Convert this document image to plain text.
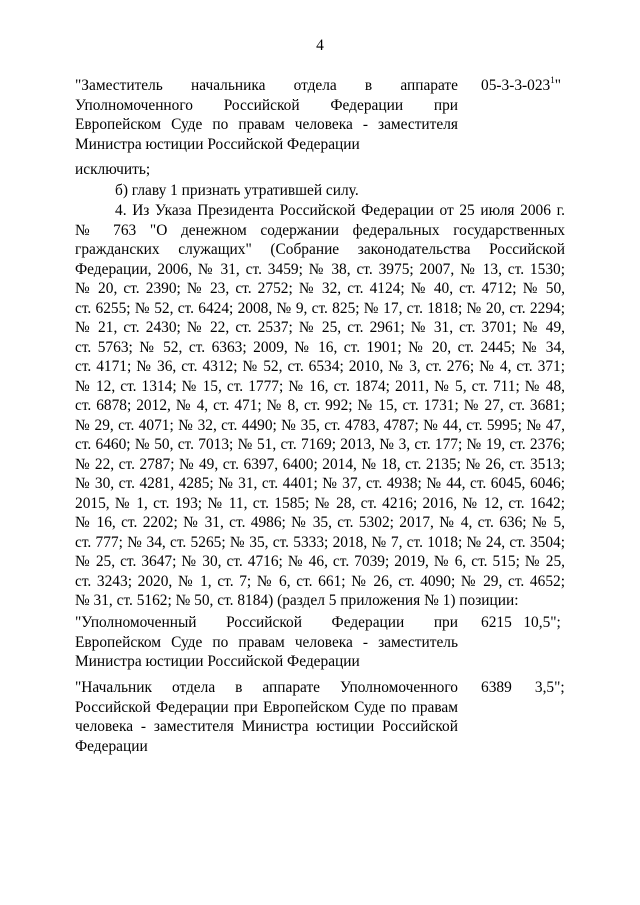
4
"Заместитель начальника отдела в аппарате
Уполномоченного Российской Федерации при
Европейском Суде по правам человека - заместителя
Министра юстиции Российской Федерации
$05-3-3-023^1$"
исключить;
б) главу 1 признать утратившей силу.
4. Из Указа Президента Российской Федерации от 25 июля 2006 г.
№ 763 "О денежном содержании федеральных государственных
гражданских служащих" (Собрание законодательства Российской
Федерации, 2006, № 31, ст. 3459; № 38, ст. 3975; 2007, № 13, ст. 1530;
№ 20, ст. 2390; № 23, ст. 2752; № 32, ст. 4124; № 40, ст. 4712; № 50,
ст. 6255; № 52, ст. 6424; 2008, № 9, ст. 825; № 17, ст. 1818; № 20, ст. 2294;
№ 21, ст. 2430; № 22, ст. 2537; № 25, ст. 2961; № 31, ст. 3701; № 49,
ст. 5763; № 52, ст. 6363; 2009, № 16, ст. 1901; № 20, ст. 2445; № 34,
ст. 4171; № 36, ст. 4312; № 52, ст. 6534; 2010, № 3, ст. 276; № 4, ст. 371;
№ 12, ст. 1314; № 15, ст. 1777; № 16, ст. 1874; 2011, № 5, ст. 711; № 48,
ст. 6878; 2012, № 4, ст. 471; № 8, ст. 992; № 15, ст. 1731; № 27, ст. 3681;
№ 29, ст. 4071; № 32, ст. 4490; № 35, ст. 4783, 4787; № 44, ст. 5995; № 47,
ст. 6460; № 50, ст. 7013; № 51, ст. 7169; 2013, № 3, ст. 177; № 19, ст. 2376;
№ 22, ст. 2787; № 49, ст. 6397, 6400; 2014, № 18, ст. 2135; № 26, ст. 3513;
№ 30, ст. 4281, 4285; № 31, ст. 4401; № 37, ст. 4938; № 44, ст. 6045, 6046;
2015, № 1, ст. 193; № 11, ст. 1585; № 28, ст. 4216; 2016, № 12, ст. 1642;
№ 16, ст. 2202; № 31, ст. 4986; № 35, ст. 5302; 2017, № 4, ст. 636; № 5,
ст. 777; № 34, ст. 5265; № 35, ст. 5333; 2018, № 7, ст. 1018; № 24, ст. 3504;
№ 25, ст. 3647; № 30, ст. 4716; № 46, ст. 7039; 2019, № 6, ст. 515; № 25,
ст. 3243; 2020, № 1, ст. 7; № 6, ст. 661; № 26, ст. 4090; № 29, ст. 4652;
№ 31, ст. 5162; № 50, ст. 8184) (раздел 5 приложения № 1) позиции:
"Уполномоченный Российской Федерации при
Европейском Суде по правам человека - заместитель
Министра юстиции Российской Федерации
6215   10,5";
"Начальник отдела в аппарате Уполномоченного
Российской Федерации при Европейском Суде по правам
человека - заместителя Министра юстиции Российской
Федерации
6389      3,5";
